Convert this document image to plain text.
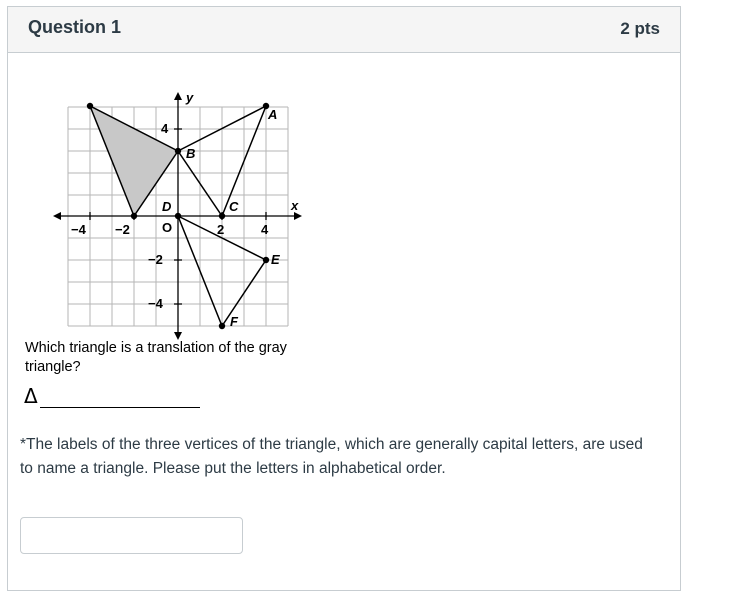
Question 1	2 pts
y
x
−4 −2	2	4
4
−2
−4
O
A
B
C
D
E
F
Which triangle is a translation of the gray triangle?
Δ
*The labels of the three vertices of the triangle, which are generally capital letters, are used to name a triangle. Please put the letters in alphabetical order.
